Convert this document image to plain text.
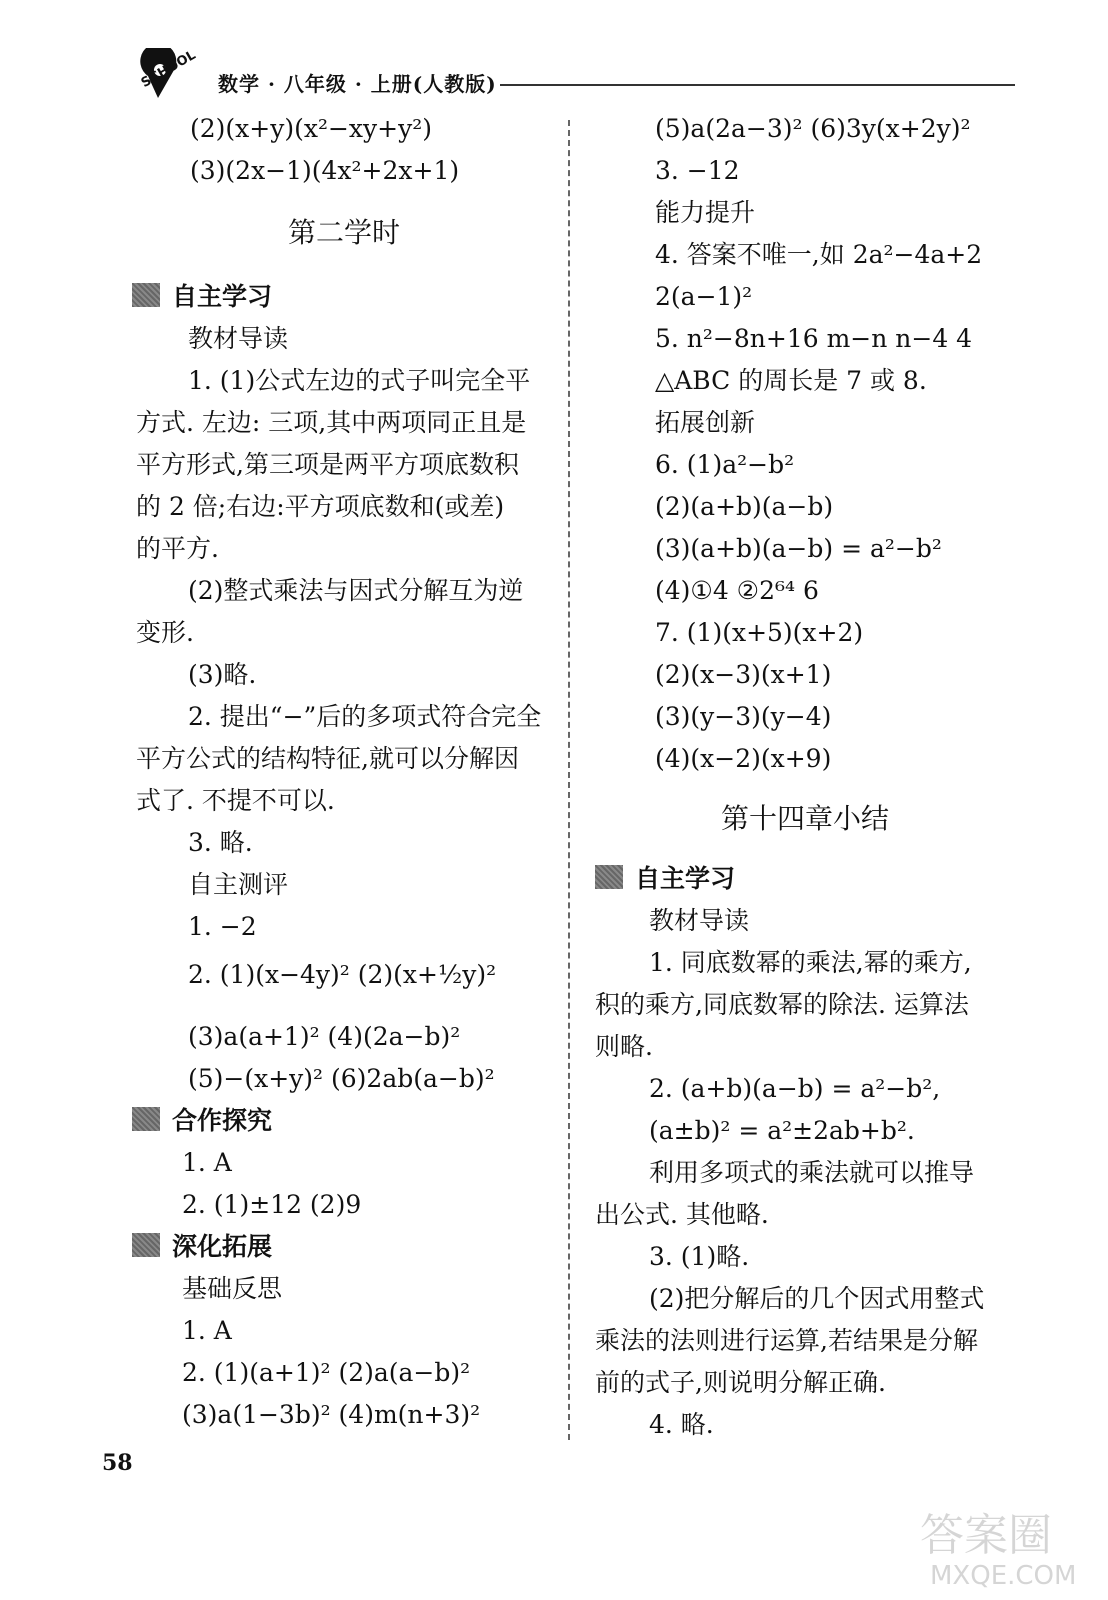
SCHOOL 数学 · 八年级 · 上册(人教版)
(2)(x+y)(x²−xy+y²)
(3)(2x−1)(4x²+2x+1)
第二学时
自主学习
教材导读
1. (1)公式左边的式子叫完全平
方式. 左边: 三项,其中两项同正且是
平方形式,第三项是两平方项底数积
的 2 倍;右边:平方项底数和(或差)
的平方.
(2)整式乘法与因式分解互为逆
变形.
(3)略.
2. 提出“−”后的多项式符合完全
平方公式的结构特征,就可以分解因
式了. 不提不可以.
3. 略.
自主测评
1. −2
2. (1)(x−4y)² (2)(x+½y)²
(3)a(a+1)² (4)(2a−b)²
(5)−(x+y)² (6)2ab(a−b)²
合作探究
1. A
2. (1)±12 (2)9
深化拓展
基础反思
1. A
2. (1)(a+1)² (2)a(a−b)²
(3)a(1−3b)² (4)m(n+3)²
(5)a(2a−3)² (6)3y(x+2y)²
3. −12
能力提升
4. 答案不唯一,如 2a²−4a+2
2(a−1)²
5. n²−8n+16 m−n n−4 4
△ABC 的周长是 7 或 8.
拓展创新
6. (1)a²−b²
(2)(a+b)(a−b)
(3)(a+b)(a−b) = a²−b²
(4)①4 ②2⁶⁴ 6
7. (1)(x+5)(x+2)
(2)(x−3)(x+1)
(3)(y−3)(y−4)
(4)(x−2)(x+9)
第十四章小结
自主学习
教材导读
1. 同底数幂的乘法,幂的乘方,
积的乘方,同底数幂的除法. 运算法
则略.
2. (a+b)(a−b) = a²−b²,
(a±b)² = a²±2ab+b².
利用多项式的乘法就可以推导
出公式. 其他略.
3. (1)略.
(2)把分解后的几个因式用整式
乘法的法则进行运算,若结果是分解
前的式子,则说明分解正确.
4. 略.
58
答案圈
MXQE.COM
